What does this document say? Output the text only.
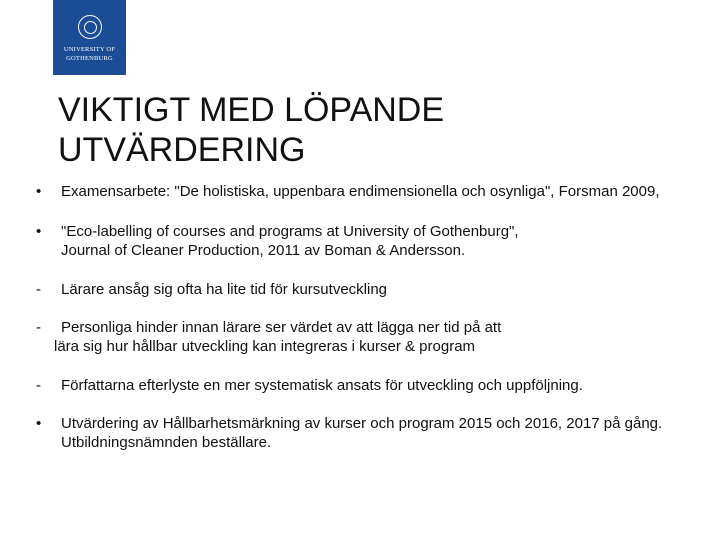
UNIVERSITY OF
GOTHENBURG
VIKTIGT MED LÖPANDE
UTVÄRDERING
• Examensarbete: "De holistiska, uppenbara endimensionella och osynliga", Forsman 2009,
• "Eco-labelling of courses and programs at University of Gothenburg",
Journal of Cleaner Production, 2011 av Boman & Andersson.
- Lärare ansåg sig ofta ha lite tid för kursutveckling
- Personliga hinder innan lärare ser värdet av att lägga ner tid på att
lära sig hur hållbar utveckling kan integreras i kurser & program
- Författarna efterlyste en mer systematisk ansats för utveckling och uppföljning.
• Utvärdering av Hållbarhetsmärkning av kurser och program 2015 och 2016, 2017 på gång.
Utbildningsnämnden beställare.
